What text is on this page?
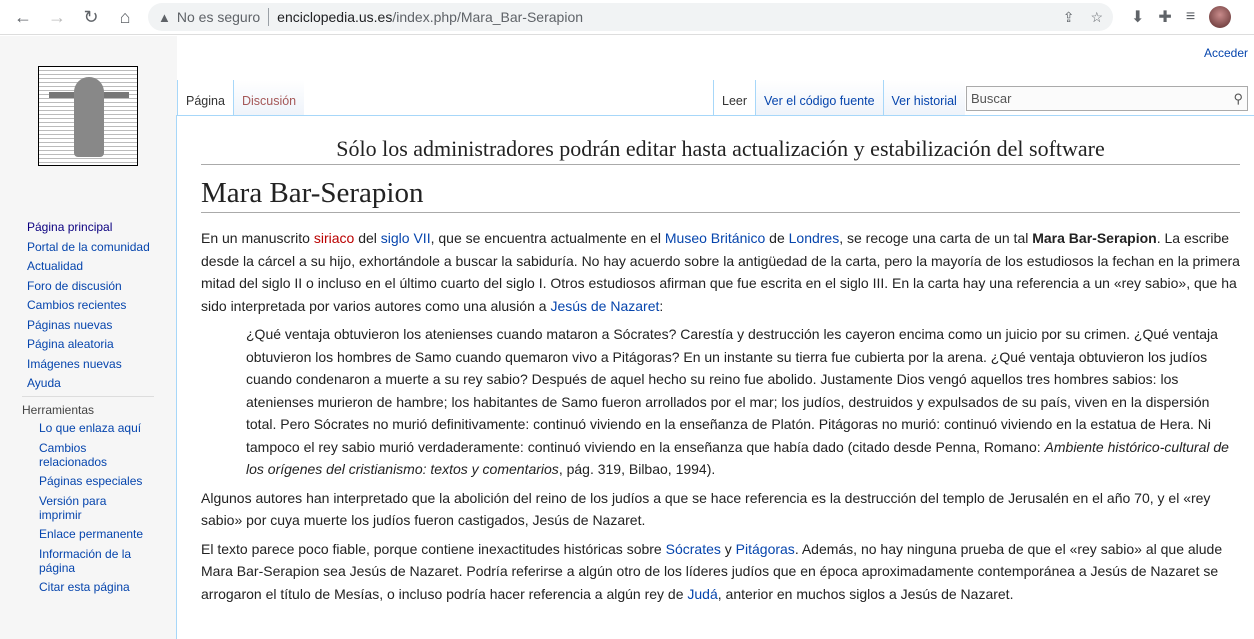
← → ↻	⌂	▲ No es seguro enciclopedia.us.es /index.php/Mara_Bar-Serapion	⇪ ☆ ⬇ ✚ ≡
Página principal
Portal de la comunidad
Actualidad
Foro de discusión
Cambios recientes
Páginas nuevas
Página aleatoria
Imágenes nuevas
Ayuda
Herramientas
Lo que enlaza aquí
Cambios relacionados
Páginas especiales
Versión para imprimir
Enlace permanente
Información de la página
Citar esta página
Acceder
Página	Discusión	Leer	Ver el código fuente	Ver historial	Buscar	⚲
Sólo los administradores podrán editar hasta actualización y estabilización del software
Mara Bar-Serapion

En un manuscrito siriaco del siglo VII, que se encuentra actualmente en el Museo Británico de Londres, se recoge una carta de un tal Mara Bar-Serapion. La escribe desde la cárcel a su hijo, exhortándole a buscar la sabiduría. No hay acuerdo sobre la antigüedad de la carta, pero la mayoría de los estudiosos la fechan en la primera mitad del siglo II o incluso en el último cuarto del siglo I. Otros estudiosos afirman que fue escrita en el siglo III. En la carta hay una referencia a un «rey sabio», que ha sido interpretada por varios autores como una alusión a Jesús de Nazaret:

¿Qué ventaja obtuvieron los atenienses cuando mataron a Sócrates? Carestía y destrucción les cayeron encima como un juicio por su crimen. ¿Qué ventaja obtuvieron los hombres de Samo cuando quemaron vivo a Pitágoras? En un instante su tierra fue cubierta por la arena. ¿Qué ventaja obtuvieron los judíos cuando condenaron a muerte a su rey sabio? Después de aquel hecho su reino fue abolido. Justamente Dios vengó aquellos tres hombres sabios: los atenienses murieron de hambre; los habitantes de Samo fueron arrollados por el mar; los judíos, destruidos y expulsados de su país, viven en la dispersión total. Pero Sócrates no murió definitivamente: continuó viviendo en la enseñanza de Platón. Pitágoras no murió: continuó viviendo en la estatua de Hera. Ni tampoco el rey sabio murió verdaderamente: continuó viviendo en la enseñanza que había dado (citado desde Penna, Romano: Ambiente histórico-cultural de los orígenes del cristianismo: textos y comentarios, pág. 319, Bilbao, 1994).

Algunos autores han interpretado que la abolición del reino de los judíos a que se hace referencia es la destrucción del templo de Jerusalén en el año 70, y el «rey sabio» por cuya muerte los judíos fueron castigados, Jesús de Nazaret.

El texto parece poco fiable, porque contiene inexactitudes históricas sobre Sócrates y Pitágoras. Además, no hay ninguna prueba de que el «rey sabio» al que alude Mara Bar-Serapion sea Jesús de Nazaret. Podría referirse a algún otro de los líderes judíos que en época aproximadamente contemporánea a Jesús de Nazaret se arrogaron el título de Mesías, o incluso podría hacer referencia a algún rey de Judá, anterior en muchos siglos a Jesús de Nazaret.
